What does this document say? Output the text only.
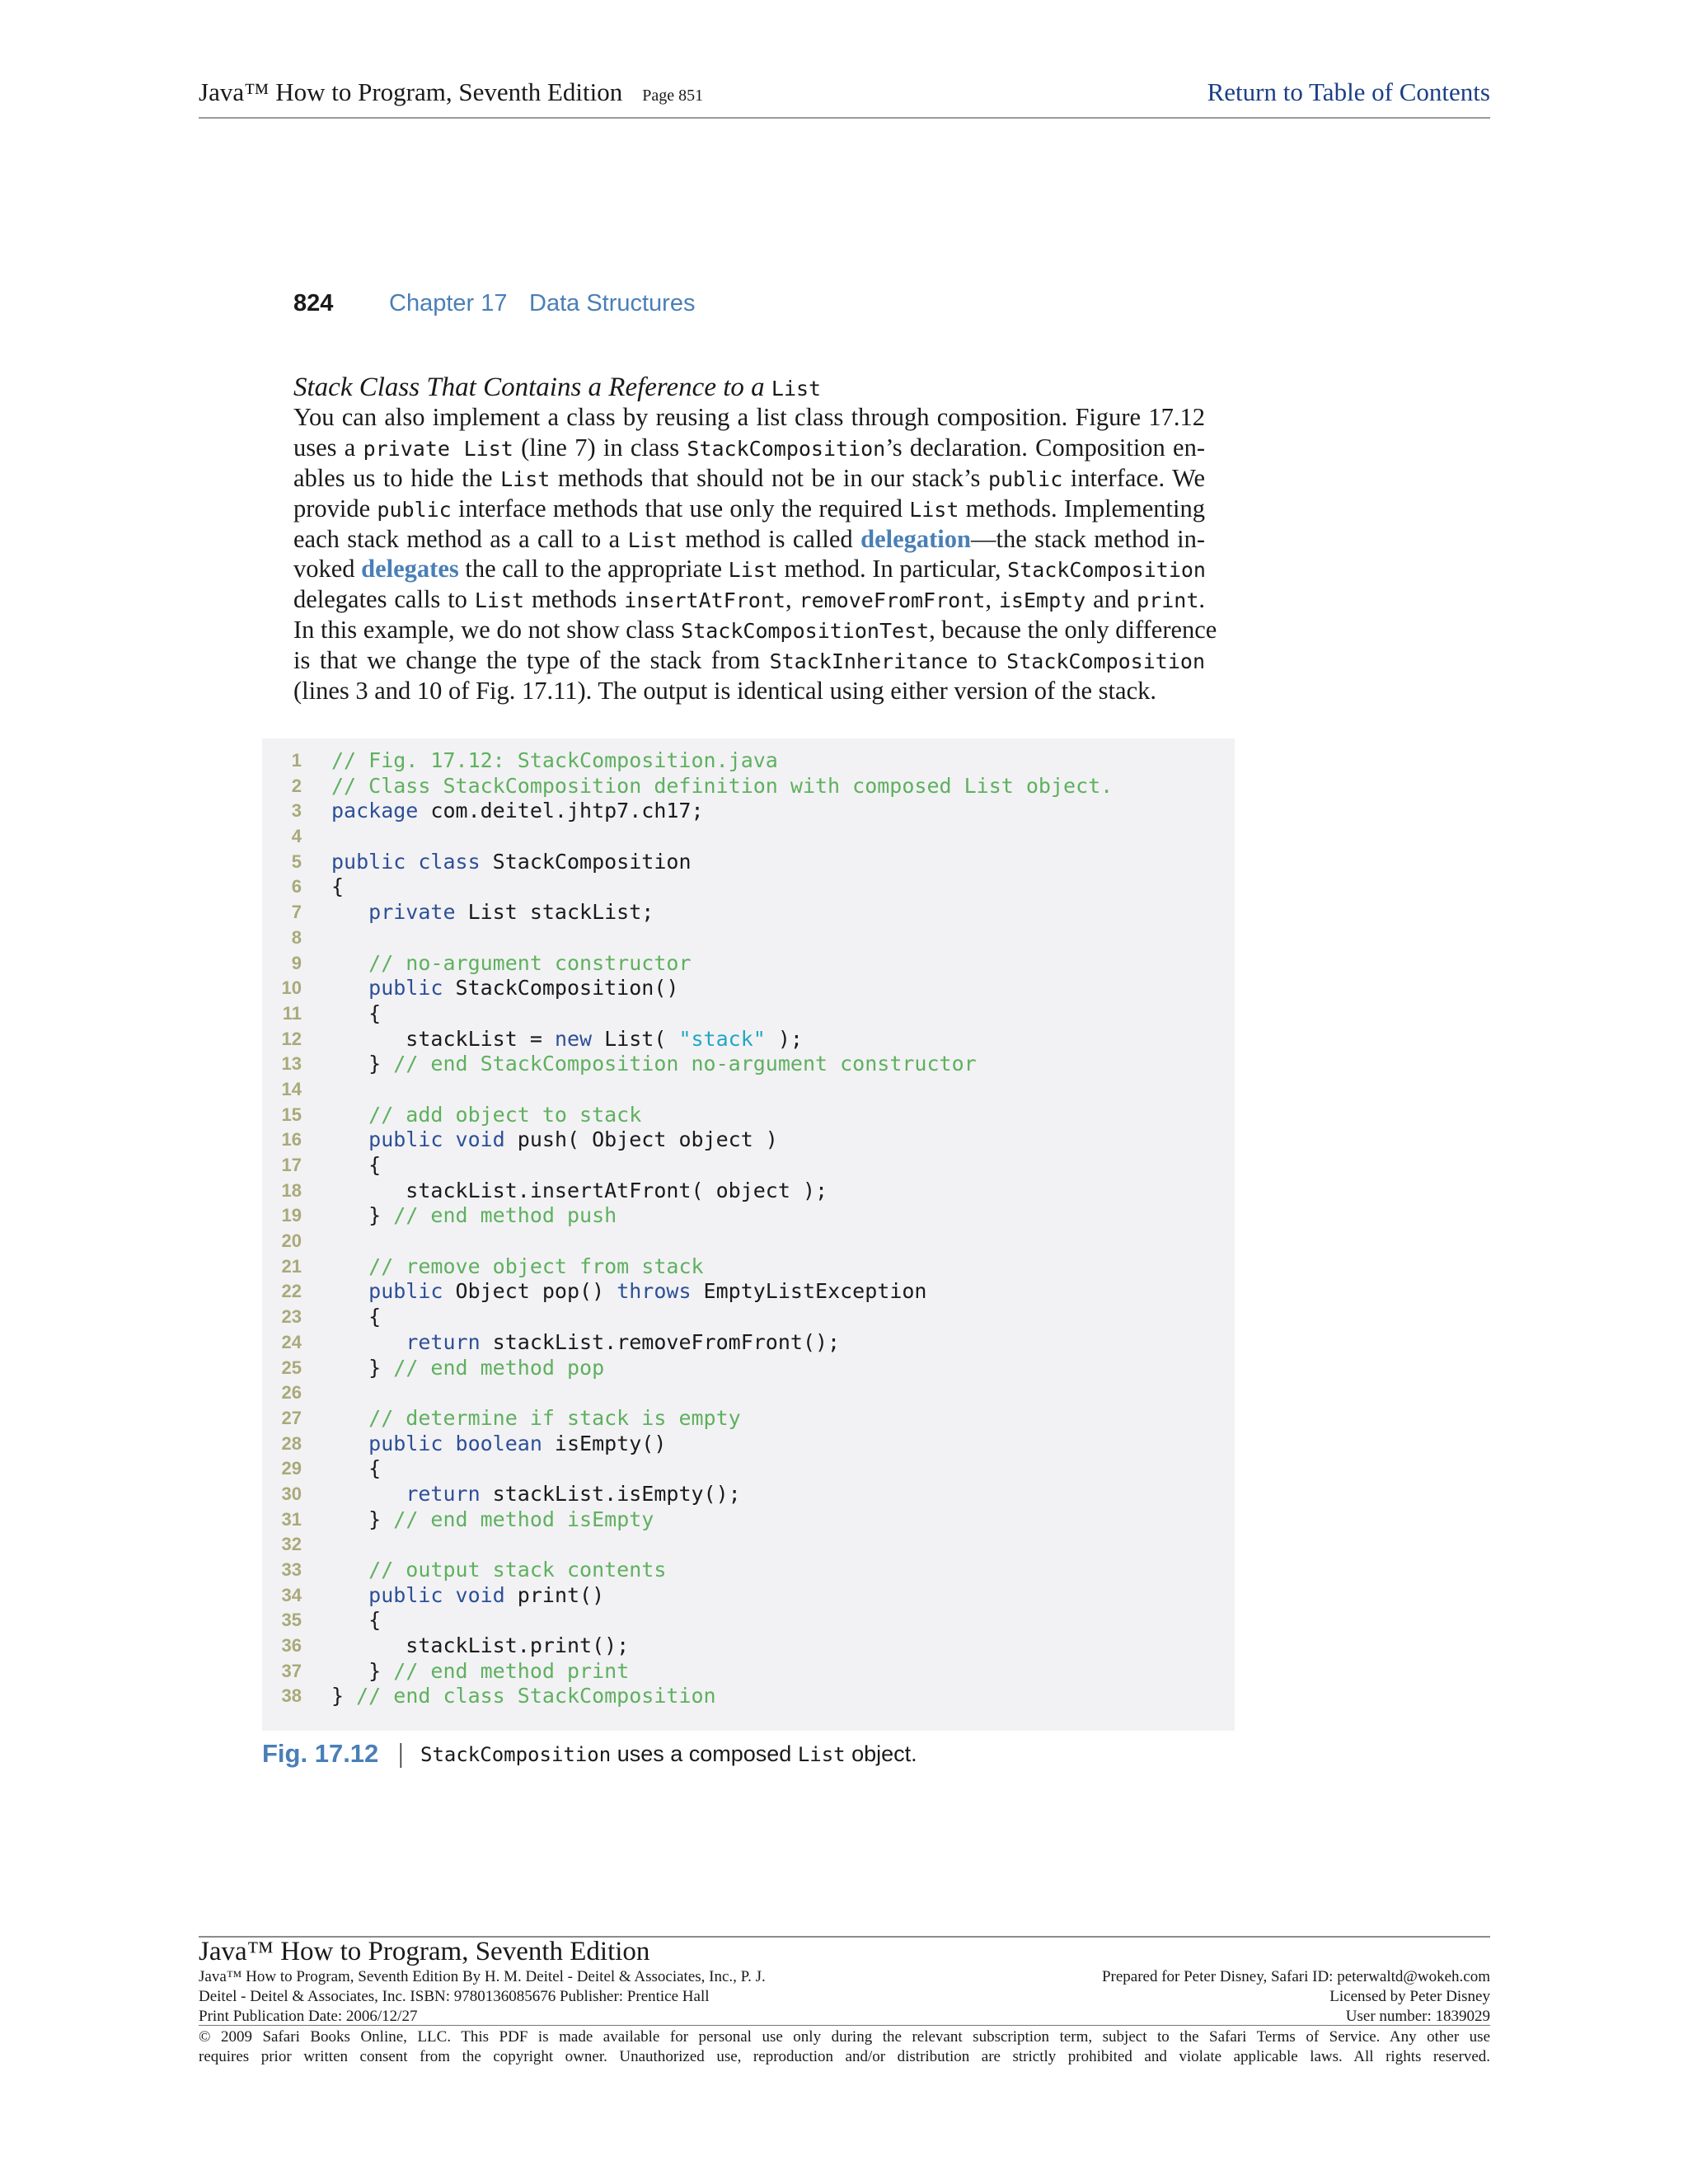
Java™ How to Program, Seventh Edition Page 851	Return to Table of Contents
824 Chapter 17 Data Structures
Stack Class That Contains a Reference to a List
You can also implement a class by reusing a list class through composition. Figure 17.12
uses a private List (line 7) in class StackComposition’s declaration. Composition en-
ables us to hide the List methods that should not be in our stack’s public interface. We
provide public interface methods that use only the required List methods. Implementing
each stack method as a call to a List method is called delegation—the stack method in-
voked delegates the call to the appropriate List method. In particular, StackComposition
delegates calls to List methods insertAtFront, removeFromFront, isEmpty and print.
In this example, we do not show class StackCompositionTest, because the only difference
is that we change the type of the stack from StackInheritance to StackComposition
(lines 3 and 10 of Fig. 17.11). The output is identical using either version of the stack.
1 // Fig. 17.12: StackComposition.java
2 // Class StackComposition definition with composed List object.
3 package com.deitel.jhtp7.ch17;
4
5 public class StackComposition
6 {
7	private List stackList;
8
9	// no-argument constructor
10	public StackComposition()
11 {
12 stackList = new List( "stack" );
13 } // end StackComposition no-argument constructor
14
15	// add object to stack
16	public void push( Object object )
17 {
18 stackList.insertAtFront( object );
19 } // end method push
20
21	// remove object from stack
22	public Object pop() throws EmptyListException
23 {
24	return stackList.removeFromFront();
25 } // end method pop
26
27	// determine if stack is empty
28	public boolean isEmpty()
29 {
30	return stackList.isEmpty();
31 } // end method isEmpty
32
33	// output stack contents
34	public void print()
35 {
36 stackList.print();
37 } // end method print
38 } // end class StackComposition
Fig. 17.12 | StackComposition uses a composed List object.
Java™ How to Program, Seventh Edition
Java™ How to Program, Seventh Edition By H. M. Deitel - Deitel & Associates, Inc., P. J.	Prepared for Peter Disney, Safari ID: peterwaltd@wokeh.com
Deitel - Deitel & Associates, Inc. ISBN: 9780136085676 Publisher: Prentice Hall	Licensed by Peter Disney
Print Publication Date: 2006/12/27	User number: 1839029
© 2009 Safari Books Online, LLC. This PDF is made available for personal use only during the relevant subscription term, subject to the Safari Terms of Service. Any other use
requires prior written consent from the copyright owner. Unauthorized use, reproduction and/or distribution are strictly prohibited and violate applicable laws. All rights reserved.
